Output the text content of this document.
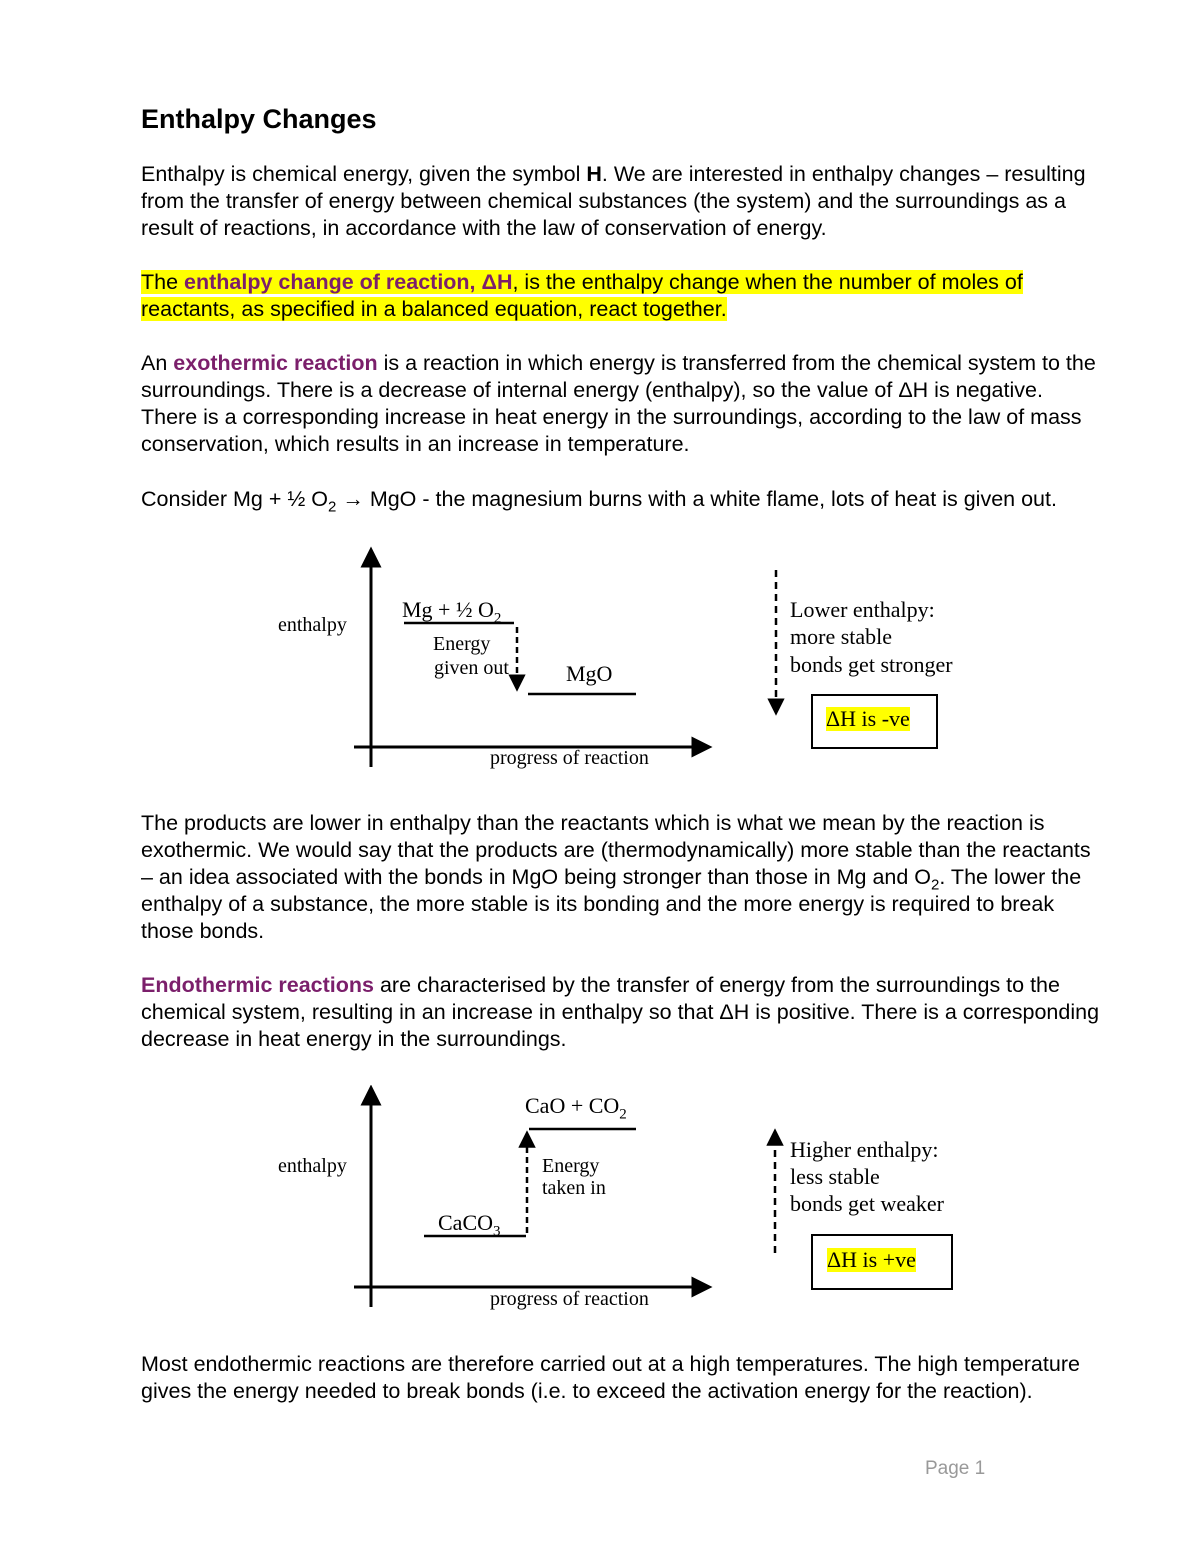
Enthalpy Changes

Enthalpy is chemical energy, given the symbol H. We are interested in enthalpy changes – resulting from the transfer of energy between chemical substances (the system) and the surroundings as a result of reactions, in accordance with the law of conservation of energy.

The enthalpy change of reaction, ΔH, is the enthalpy change when the number of moles of reactants, as specified in a balanced equation, react together.

An exothermic reaction is a reaction in which energy is transferred from the chemical system to the surroundings. There is a decrease of internal energy (enthalpy), so the value of ΔH is negative. There is a corresponding increase in heat energy in the surroundings, according to the law of mass conservation, which results in an increase in temperature.

Consider Mg + ½ $O_2$ → MgO - the magnesium burns with a white flame, lots of heat is given out.

enthalpy
progress of reaction
Mg + ½ $O_2$
Energy
given out	MgO
Lower enthalpy:
more stable
bonds get stronger
ΔH is -ve

The products are lower in enthalpy than the reactants which is what we mean by the reaction is exothermic. We would say that the products are (thermodynamically) more stable than the reactants – an idea associated with the bonds in MgO being stronger than those in Mg and $O_2$. The lower the enthalpy of a substance, the more stable is its bonding and the more energy is required to break those bonds.

Endothermic reactions are characterised by the transfer of energy from the surroundings to the chemical system, resulting in an increase in enthalpy so that ΔH is positive. There is a corresponding decrease in heat energy in the surroundings.

enthalpy
progress of reaction
CaO + $CO_2$
Energy
taken in
CaCO$_3$
Higher enthalpy:
less stable
bonds get weaker
ΔH is +ve

Most endothermic reactions are therefore carried out at a high temperatures. The high temperature gives the energy needed to break bonds (i.e. to exceed the activation energy for the reaction).

Page 1
